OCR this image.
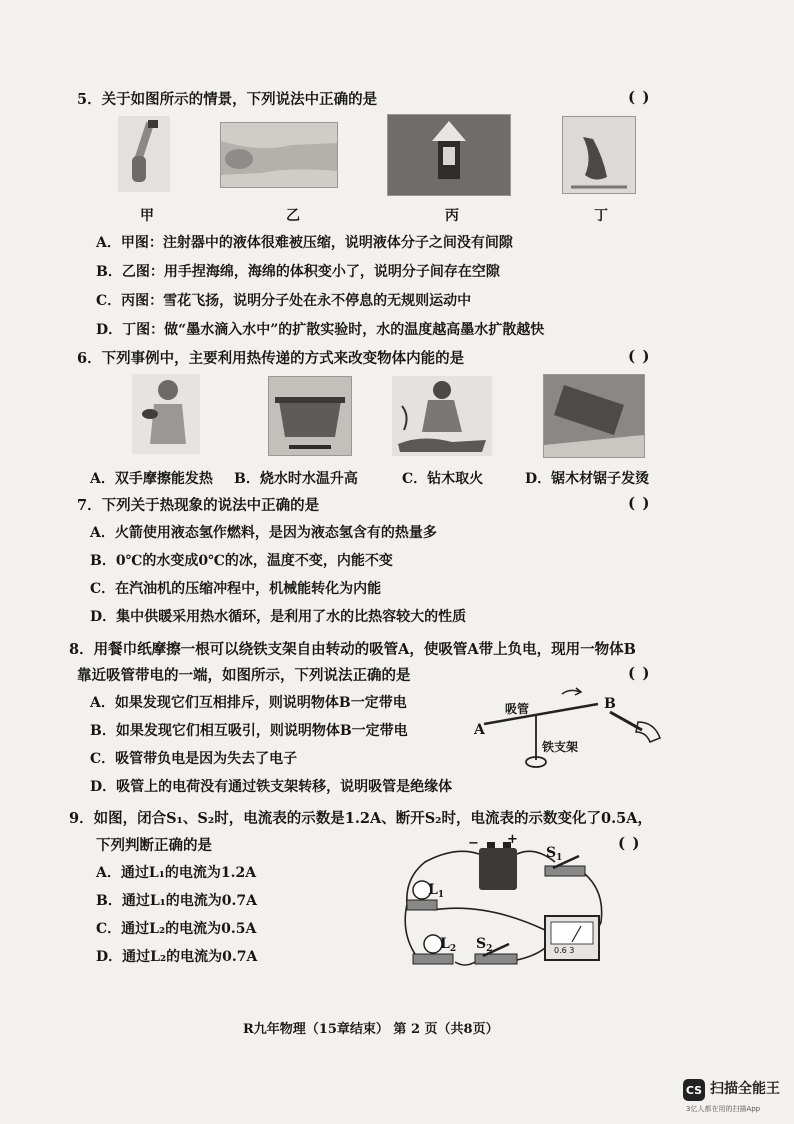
5．关于如图所示的情景，下列说法中正确的是	( )
甲	乙	丙	丁
A．甲图：注射器中的液体很难被压缩，说明液体分子之间没有间隙
B．乙图：用手捏海绵，海绵的体积变小了，说明分子间存在空隙
C．丙图：雪花飞扬，说明分子处在永不停息的无规则运动中
D．丁图：做“墨水滴入水中”的扩散实验时，水的温度越高墨水扩散越快
6．下列事例中，主要利用热传递的方式来改变物体内能的是	( )
A．双手摩擦能发热 B．烧水时水温升高	C．钻木取火	D．锯木材锯子发烫
7．下列关于热现象的说法中正确的是	( )
A．火箭使用液态氢作燃料，是因为液态氢含有的热量多
B．0℃的水变成0℃的冰，温度不变，内能不变
C．在汽油机的压缩冲程中，机械能转化为内能
D．集中供暖采用热水循环，是利用了水的比热容较大的性质
8．用餐巾纸摩擦一根可以绕铁支架自由转动的吸管A，使吸管A带上负电，现用一物体B
靠近吸管带电的一端，如图所示，下列说法正确的是	( )
A．如果发现它们互相排斥，则说明物体B一定带电
B．如果发现它们相互吸引，则说明物体B一定带电
C．吸管带负电是因为失去了电子
D．吸管上的电荷没有通过铁支架转移，说明吸管是绝缘体
吸管
A
B
铁支架
9．如图，闭合S₁、S₂时，电流表的示数是1.2A、断开S₂时，电流表的示数变化了0.5A，
下列判断正确的是	( )
A．通过L₁的电流为1.2A
B．通过L₁的电流为0.7A
C．通过L₂的电流为0.5A
D．通过L₂的电流为0.7A
− +
$S_1$
$L_1$
$L_2$ $S_2$	0.6 3
R九年物理（15章结束） 第 2 页（共8页）
CS 扫描全能王
3亿人都在用的扫描App
